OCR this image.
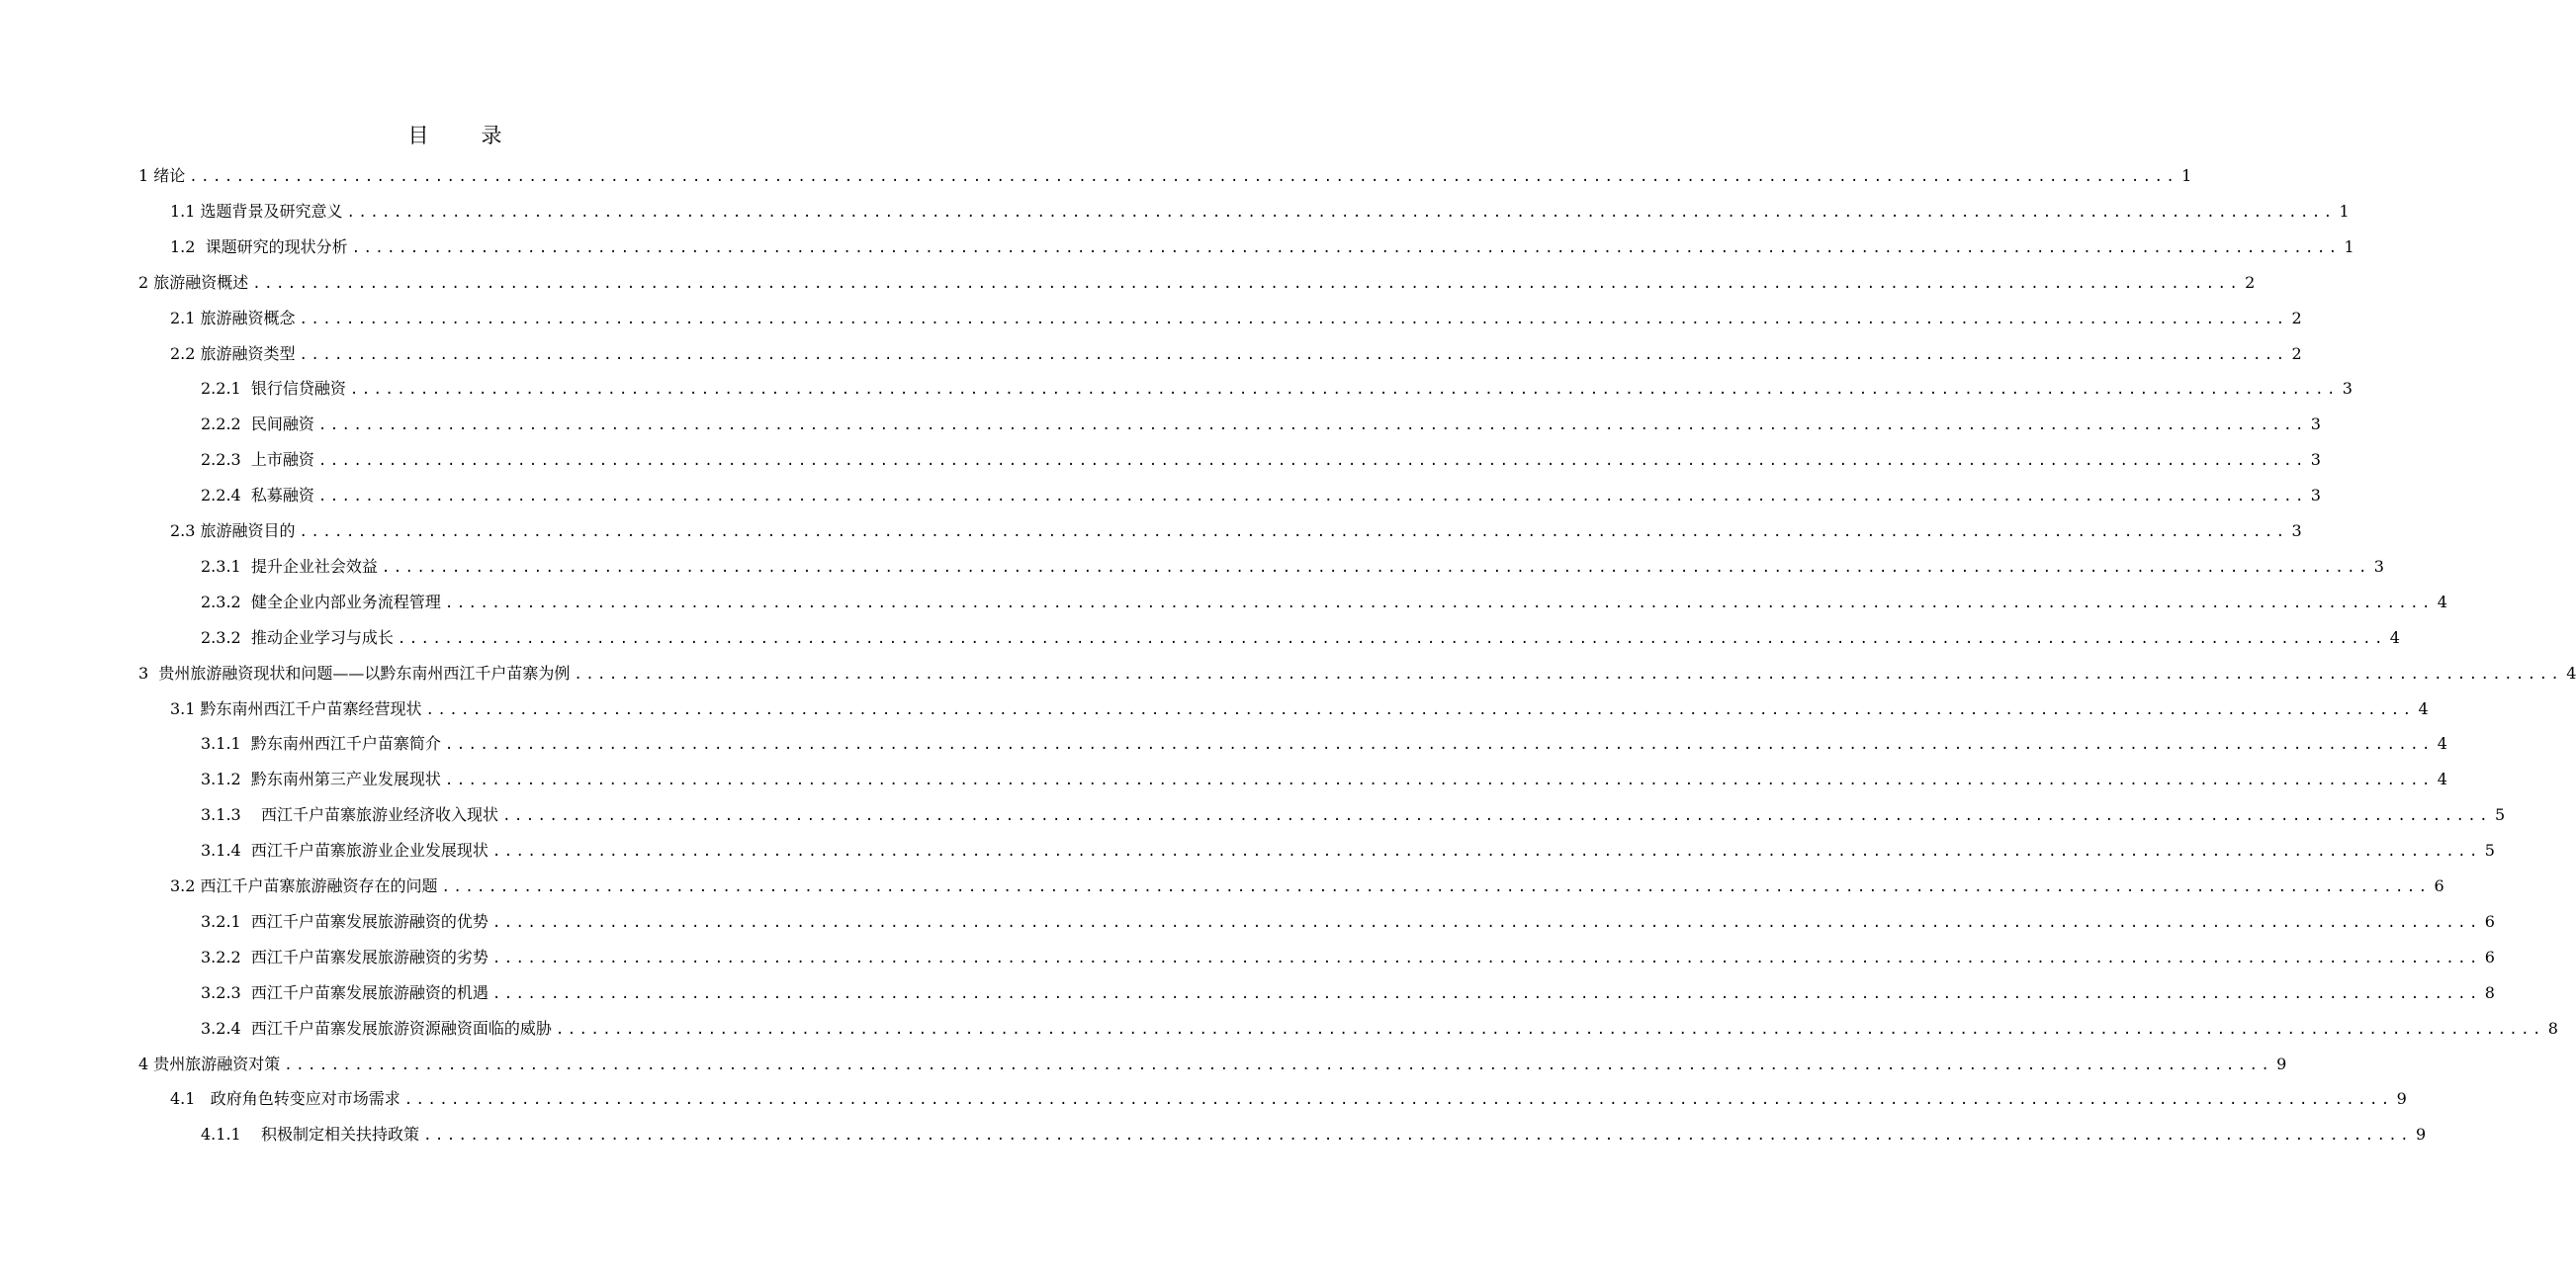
目　录
1 绪论 .......................................................................................................................................................................... 1
1.1 选题背景及研究意义 .......................................................................................................................................................................... 1
1.2  课题研究的现状分析 .......................................................................................................................................................................... 1
2 旅游融资概述 .......................................................................................................................................................................... 2
2.1 旅游融资概念 .......................................................................................................................................................................... 2
2.2 旅游融资类型 .......................................................................................................................................................................... 2
2.2.1  银行信贷融资 .......................................................................................................................................................................... 3
2.2.2  民间融资 .......................................................................................................................................................................... 3
2.2.3  上市融资 .......................................................................................................................................................................... 3
2.2.4  私募融资 .......................................................................................................................................................................... 3
2.3 旅游融资目的 .......................................................................................................................................................................... 3
2.3.1  提升企业社会效益 .......................................................................................................................................................................... 3
2.3.2  健全企业内部业务流程管理 .......................................................................................................................................................................... 4
2.3.2  推动企业学习与成长 .......................................................................................................................................................................... 4
3  贵州旅游融资现状和问题——以黔东南州西江千户苗寨为例 .......................................................................................................................................................................... 4
3.1 黔东南州西江千户苗寨经营现状 .......................................................................................................................................................................... 4
3.1.1  黔东南州西江千户苗寨简介 .......................................................................................................................................................................... 4
3.1.2  黔东南州第三产业发展现状 .......................................................................................................................................................................... 4
3.1.3    西江千户苗寨旅游业经济收入现状 .......................................................................................................................................................................... 5
3.1.4  西江千户苗寨旅游业企业发展现状 .......................................................................................................................................................................... 5
3.2 西江千户苗寨旅游融资存在的问题 .......................................................................................................................................................................... 6
3.2.1  西江千户苗寨发展旅游融资的优势 .......................................................................................................................................................................... 6
3.2.2  西江千户苗寨发展旅游融资的劣势 .......................................................................................................................................................................... 6
3.2.3  西江千户苗寨发展旅游融资的机遇 .......................................................................................................................................................................... 8
3.2.4  西江千户苗寨发展旅游资源融资面临的威胁 .......................................................................................................................................................................... 8
4 贵州旅游融资对策 .......................................................................................................................................................................... 9
4.1   政府角色转变应对市场需求 .......................................................................................................................................................................... 9
4.1.1    积极制定相关扶持政策 .......................................................................................................................................................................... 9
